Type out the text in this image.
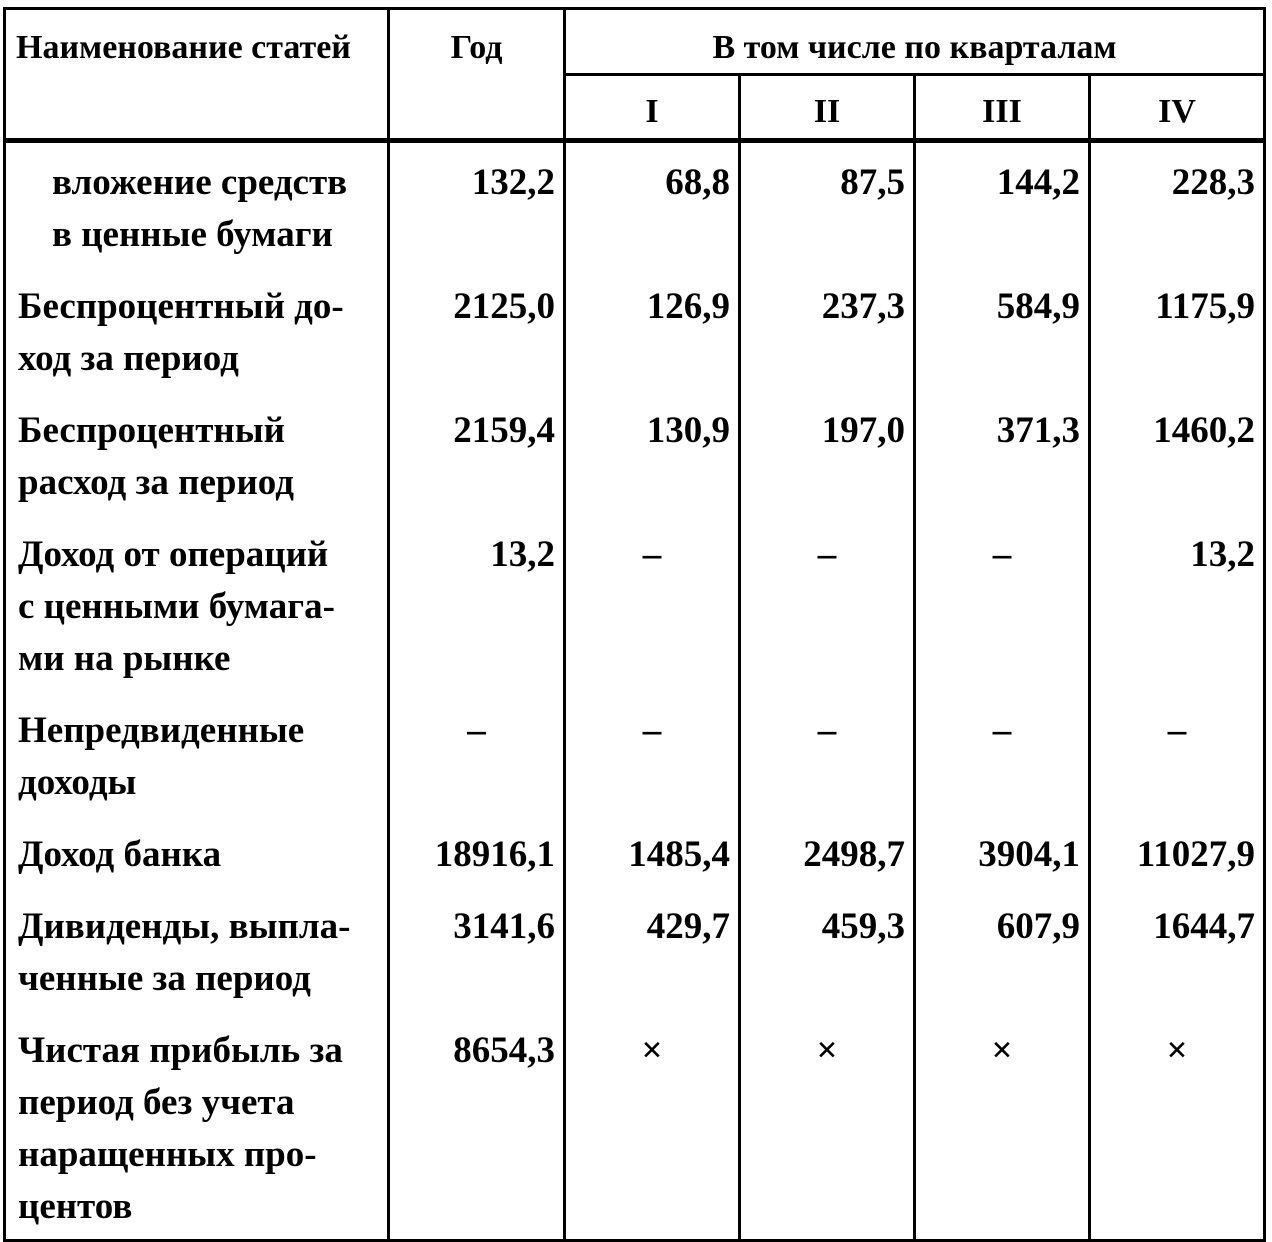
Наименование статей	Год	В том числе по кварталам			
		I	II	III	IV

вложение средств
в ценные бумаги	132,2	68,8	87,5	144,2	228,3

Беспроцентный до-
ход за период	2125,0	126,9	237,3	584,9	1175,9

Беспроцентный
расход за период	2159,4	130,9	197,0	371,3	1460,2

Доход от операций
с ценными бумага-
ми на рынке	13,2	–	–	–	13,2

Непредвиденные
доходы	–	–	–	–	–

Доход банка	18916,1	1485,4	2498,7	3904,1	11027,9

Дивиденды, выпла-
ченные за период	3141,6	429,7	459,3	607,9	1644,7

Чистая прибыль за
период без учета
наращенных про-
центов	8654,3	×	×	×	×
